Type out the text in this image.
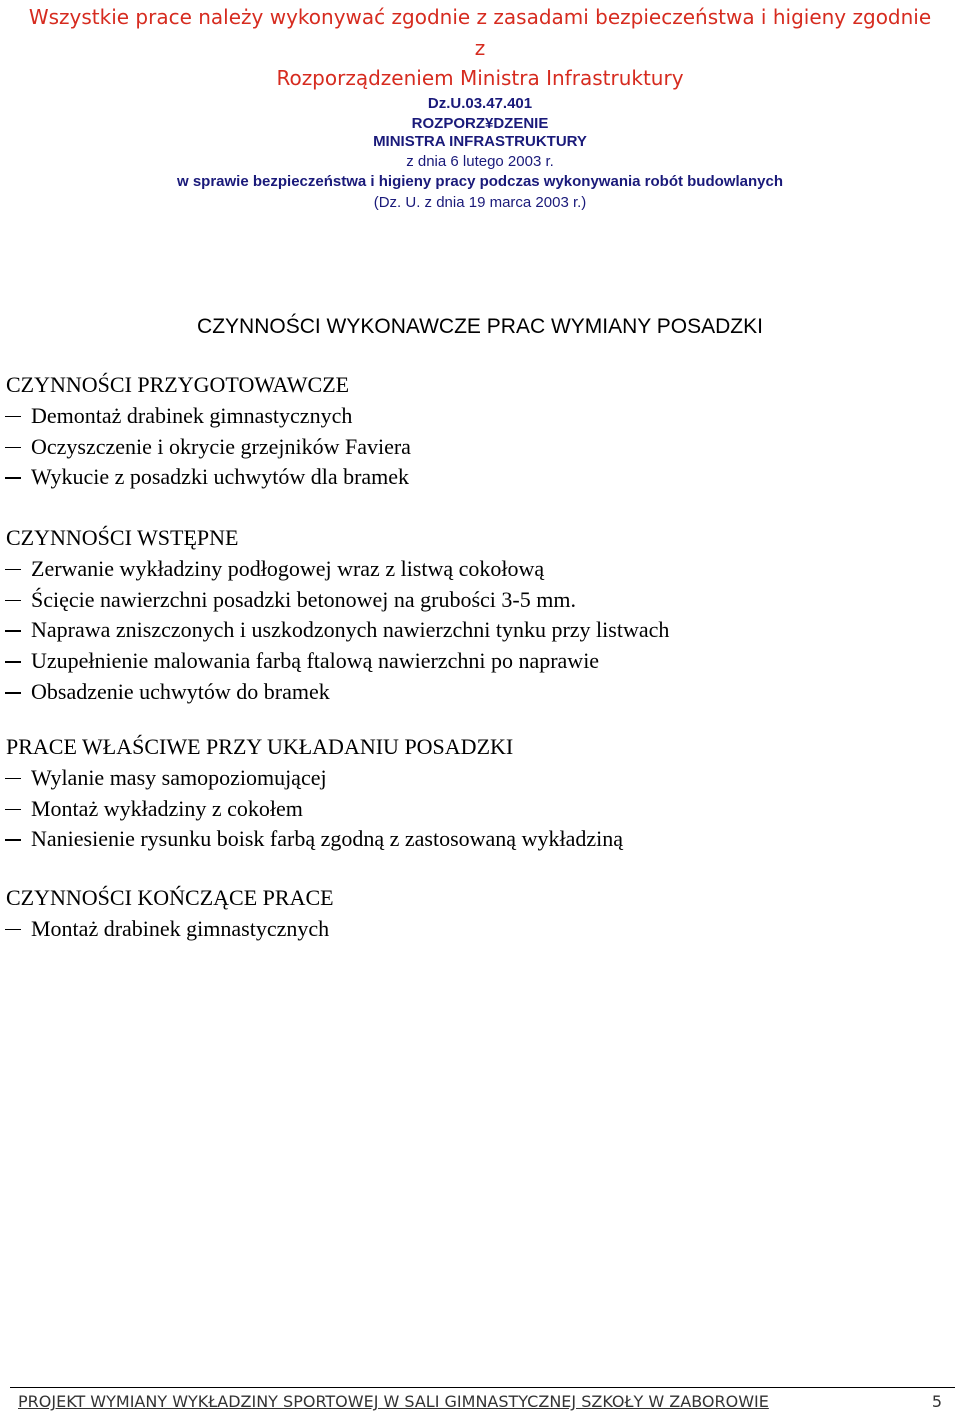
Wszystkie prace należy wykonywać zgodnie z zasadami bezpieczeństwa i higieny zgodnie
z
Rozporządzeniem Ministra Infrastruktury
Dz.U.03.47.401
ROZPORZ¥DZENIE
MINISTRA INFRASTRUKTURY
z dnia 6 lutego 2003 r.
w sprawie bezpieczeństwa i higieny pracy podczas wykonywania robót budowlanych
(Dz. U. z dnia 19 marca 2003 r.)
CZYNNOŚCI WYKONAWCZE PRAC WYMIANY POSADZKI
CZYNNOŚCI PRZYGOTOWAWCZE
Demontaż drabinek gimnastycznych
Oczyszczenie i okrycie grzejników Faviera
Wykucie z posadzki uchwytów dla bramek
CZYNNOŚCI WSTĘPNE
Zerwanie wykładziny podłogowej wraz z listwą cokołową
Ścięcie nawierzchni posadzki betonowej na grubości 3-5 mm.
Naprawa zniszczonych i uszkodzonych nawierzchni tynku przy listwach
Uzupełnienie malowania farbą ftalową nawierzchni po naprawie
Obsadzenie uchwytów do bramek
PRACE WŁAŚCIWE PRZY UKŁADANIU POSADZKI
Wylanie masy samopoziomującej
Montaż wykładziny z cokołem
Naniesienie rysunku boisk farbą zgodną z zastosowaną wykładziną
CZYNNOŚCI KOŃCZĄCE PRACE
Montaż drabinek gimnastycznych
PROJEKT WYMIANY WYKŁADZINY SPORTOWEJ W SALI GIMNASTYCZNEJ SZKOŁY W ZABOROWIE	5
